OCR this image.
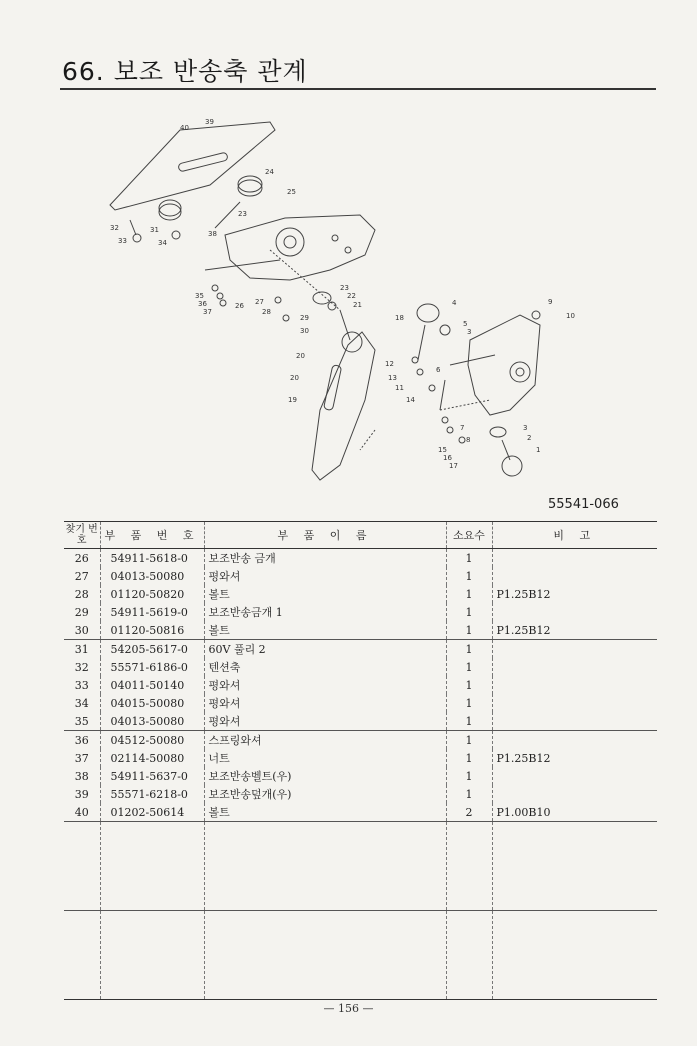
66. 보조 반송축 관계
40
39
24
25
23
38
32
33
31
34
35
36
37
26 27
28
29
30
23
22
21
18
4
5
3
9
10
20
20
19
12
13
11
14
6
7
8
15
16
17
3
2
1
55541-066
찾기 번호	부 품 번 호	부 품 이 름	소요수	비 고
26	54911-5618-0	보조반송 금개	1	
27	04013-50080	평와셔	1	
28	01120-50820	볼트	1	P1.25B12
29	54911-5619-0	보조반송금개 1	1	
30	01120-50816	볼트	1	P1.25B12
31	54205-5617-0	60V 풀리 2	1	
32	55571-6186-0	텐션축	1	
33	04011-50140	평와셔	1	
34	04015-50080	평와셔	1	
35	04013-50080	평와셔	1	
36	04512-50080	스프링와셔	1	
37	02114-50080	너트	1	P1.25B12
38	54911-5637-0	보조반송벨트(우)	1	
39	55571-6218-0	보조반송덮개(우)	1	
40	01202-50614	볼트	2	P1.00B10

— 156 —
